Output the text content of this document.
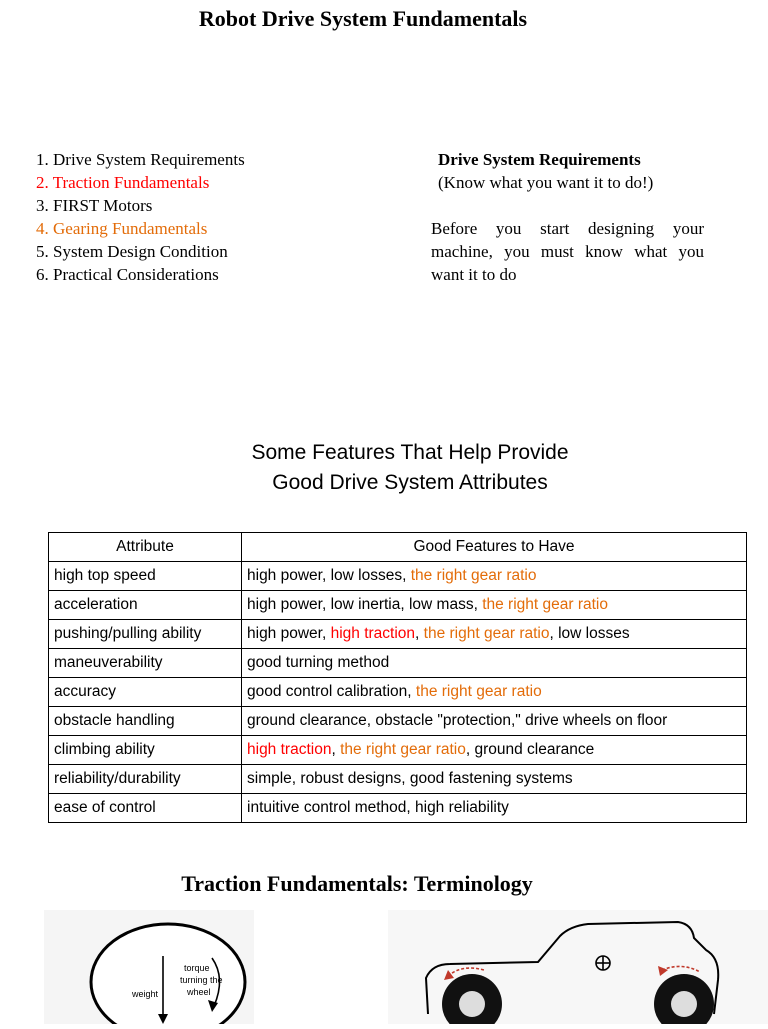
Robot Drive System Fundamentals
1. Drive System Requirements
2. Traction Fundamentals
3. FIRST Motors
4. Gearing Fundamentals
5. System Design Condition
6. Practical Considerations
Drive System Requirements
(Know what you want it to do!)
Before you start designing your machine, you must know what you want it to do
Some Features That Help Provide
Good Drive System Attributes
Attribute	Good Features to Have
high top speed	high power, low losses, the right gear ratio
acceleration	high power, low inertia, low mass, the right gear ratio
pushing/pulling ability	high power, high traction, the right gear ratio, low losses
maneuverability	good turning method
accuracy	good control calibration, the right gear ratio
obstacle handling	ground clearance, obstacle "protection," drive wheels on floor
climbing ability	high traction, the right gear ratio, ground clearance
reliability/durability	simple, robust designs, good fastening systems
ease of control	intuitive control method, high reliability
Traction Fundamentals: Terminology
weight
torque
turning the
wheel
